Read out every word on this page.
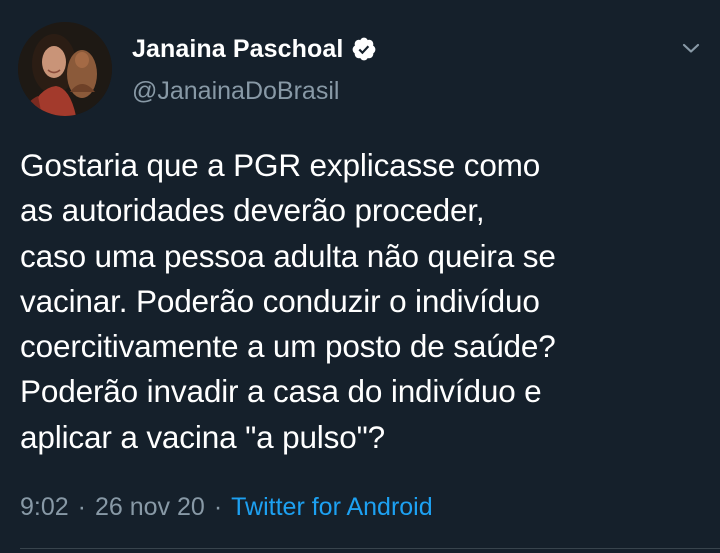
Janaina Paschoal
@JanainaDoBrasil
Gostaria que a PGR explicasse como
as autoridades deverão proceder,
caso uma pessoa adulta não queira se
vacinar. Poderão conduzir o indivíduo
coercitivamente a um posto de saúde?
Poderão invadir a casa do indivíduo e
aplicar a vacina "a pulso"?
9:02 · 26 nov 20 · Twitter for Android
